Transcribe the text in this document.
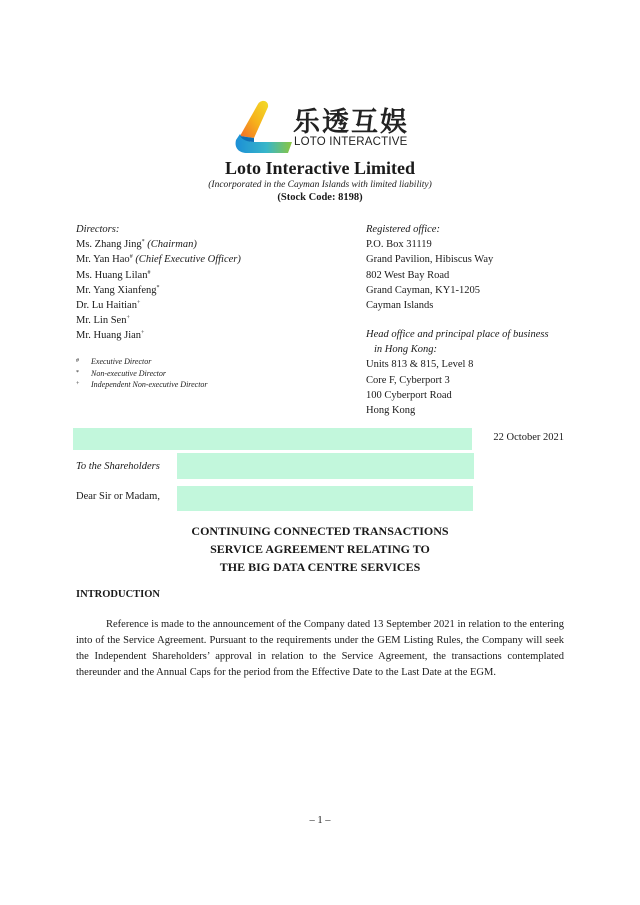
乐透互娱
LOTO INTERACTIVE
Loto Interactive Limited
(Incorporated in the Cayman Islands with limited liability)
(Stock Code: 8198)
Directors:
Ms. Zhang Jing* (Chairman)
Mr. Yan Hao# (Chief Executive Officer)
Ms. Huang Lilan#
Mr. Yang Xianfeng*
Dr. Lu Haitian+
Mr. Lin Sen+
Mr. Huang Jian+
# Executive Director
* Non-executive Director
+ Independent Non-executive Director
Registered office:
P.O. Box 31119
Grand Pavilion, Hibiscus Way
802 West Bay Road
Grand Cayman, KY1-1205
Cayman Islands
Head office and principal place of business
in Hong Kong:
Units 813 & 815, Level 8
Core F, Cyberport 3
100 Cyberport Road
Hong Kong
22 October 2021
To the Shareholders
Dear Sir or Madam,
CONTINUING CONNECTED TRANSACTIONS
SERVICE AGREEMENT RELATING TO
THE BIG DATA CENTRE SERVICES
INTRODUCTION
Reference is made to the announcement of the Company dated 13 September 2021 in relation to the entering into of the Service Agreement. Pursuant to the requirements under the GEM Listing Rules, the Company will seek the Independent Shareholders’ approval in relation to the Service Agreement, the transactions contemplated thereunder and the Annual Caps for the period from the Effective Date to the Last Date at the EGM.
– 1 –
